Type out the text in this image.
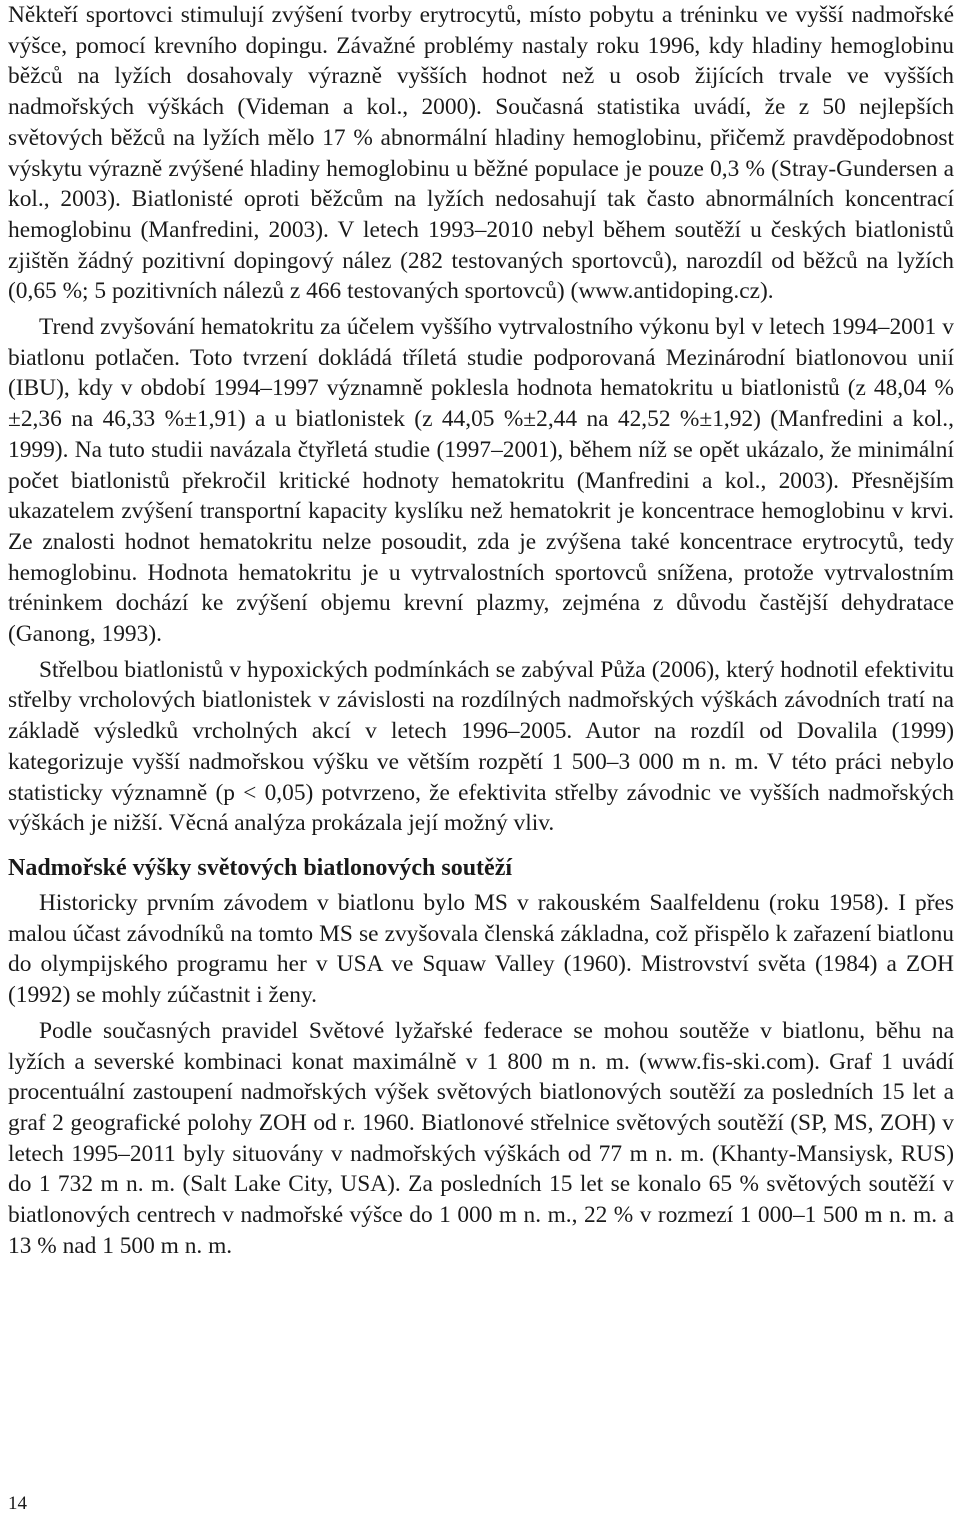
Někteří sportovci stimulují zvýšení tvorby erytrocytů, místo pobytu a tréninku ve vyšší nadmořské výšce, pomocí krevního dopingu. Závažné problémy nastaly roku 1996, kdy hladiny hemoglobinu běžců na lyžích dosahovaly výrazně vyšších hodnot než u osob žijících trvale ve vyšších nadmořských výškách (Videman a kol., 2000). Současná statistika uvádí, že z 50 nejlepších světových běžců na lyžích mělo 17 % abnormální hladiny hemoglobinu, přičemž pravděpodobnost výskytu výrazně zvýšené hladiny hemoglobinu u běžné populace je pouze 0,3 % (Stray-Gundersen a kol., 2003). Biatlonisté oproti běžcům na lyžích nedosahují tak často abnormálních koncentrací hemoglobinu (Manfredini, 2003). V letech 1993–2010 nebyl během soutěží u českých biatlonistů zjištěn žádný pozitivní dopingový nález (282 testovaných sportovců), narozdíl od běžců na lyžích (0,65 %; 5 pozitivních nálezů z 466 testovaných sportovců) (www.antidoping.cz).

Trend zvyšování hematokritu za účelem vyššího vytrvalostního výkonu byl v letech 1994–2001 v biatlonu potlačen. Toto tvrzení dokládá tříletá studie podporovaná Mezinárodní biatlonovou unií (IBU), kdy v období 1994–1997 významně poklesla hodnota hematokritu u biatlonistů (z 48,04 %±2,36 na 46,33 %±1,91) a u biatlonistek (z 44,05 %±2,44 na 42,52 %±1,92) (Manfredini a kol., 1999). Na tuto studii navázala čtyřletá studie (1997–2001), během níž se opět ukázalo, že minimální počet biatlonistů překročil kritické hodnoty hematokritu (Manfredini a kol., 2003). Přesnějším ukazatelem zvýšení transportní kapacity kyslíku než hematokrit je koncentrace hemoglobinu v krvi. Ze znalosti hodnot hematokritu nelze posoudit, zda je zvýšena také koncentrace erytrocytů, tedy hemoglobinu. Hodnota hematokritu je u vytrvalostních sportovců snížena, protože vytrvalostním tréninkem dochází ke zvýšení objemu krevní plazmy, zejména z důvodu častější dehydratace (Ganong, 1993).

Střelbou biatlonistů v hypoxických podmínkách se zabýval Půža (2006), který hodnotil efektivitu střelby vrcholových biatlonistek v závislosti na rozdílných nadmořských výškách závodních tratí na základě výsledků vrcholných akcí v letech 1996–2005. Autor na rozdíl od Dovalila (1999) kategorizuje vyšší nadmořskou výšku ve větším rozpětí 1 500–3 000 m n. m. V této práci nebylo statisticky významně (p < 0,05) potvrzeno, že efektivita střelby závodnic ve vyšších nadmořských výškách je nižší. Věcná analýza prokázala její možný vliv.

Nadmořské výšky světových biatlonových soutěží

Historicky prvním závodem v biatlonu bylo MS v rakouském Saalfeldenu (roku 1958). I přes malou účast závodníků na tomto MS se zvyšovala členská základna, což přispělo k zařazení biatlonu do olympijského programu her v USA ve Squaw Valley (1960). Mistrovství světa (1984) a ZOH (1992) se mohly zúčastnit i ženy.

Podle současných pravidel Světové lyžařské federace se mohou soutěže v biatlonu, běhu na lyžích a severské kombinaci konat maximálně v 1 800 m n. m. (www.fis-ski.com). Graf 1 uvádí procentuální zastoupení nadmořských výšek světových biatlonových soutěží za posledních 15 let a graf 2 geografické polohy ZOH od r. 1960. Biatlonové střelnice světových soutěží (SP, MS, ZOH) v letech 1995–2011 byly situovány v nadmořských výškách od 77 m n. m. (Khanty-Mansiysk, RUS) do 1 732 m n. m. (Salt Lake City, USA). Za posledních 15 let se konalo 65 % světových soutěží v biatlonových centrech v nadmořské výšce do 1 000 m n. m., 22 % v rozmezí 1 000–1 500 m n. m. a 13 % nad 1 500 m n. m.

14
